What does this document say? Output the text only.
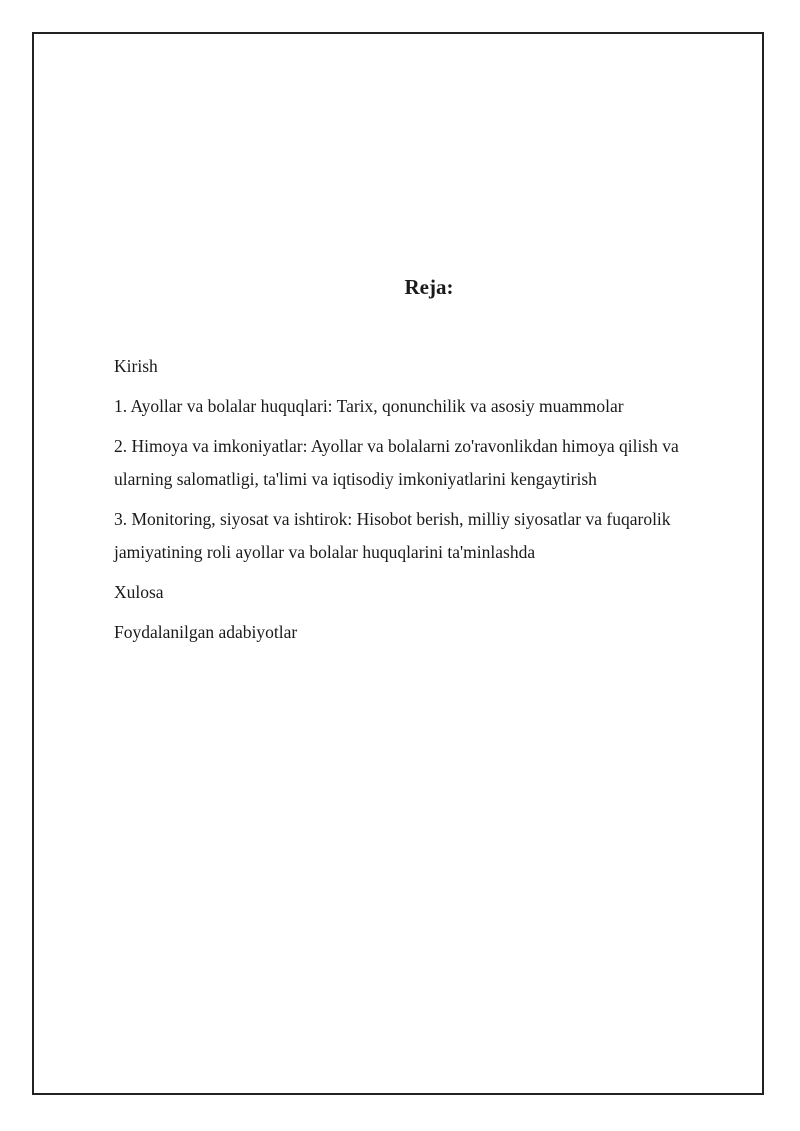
Reja:
Kirish
1. Ayollar va bolalar huquqlari: Tarix, qonunchilik va asosiy muammolar
2. Himoya va imkoniyatlar: Ayollar va bolalarni zo'ravonlikdan himoya qilish va ularning salomatligi, ta'limi va iqtisodiy imkoniyatlarini kengaytirish
3. Monitoring, siyosat va ishtirok: Hisobot berish, milliy siyosatlar va fuqarolik jamiyatining roli ayollar va bolalar huquqlarini ta'minlashda
Xulosa
Foydalanilgan adabiyotlar
